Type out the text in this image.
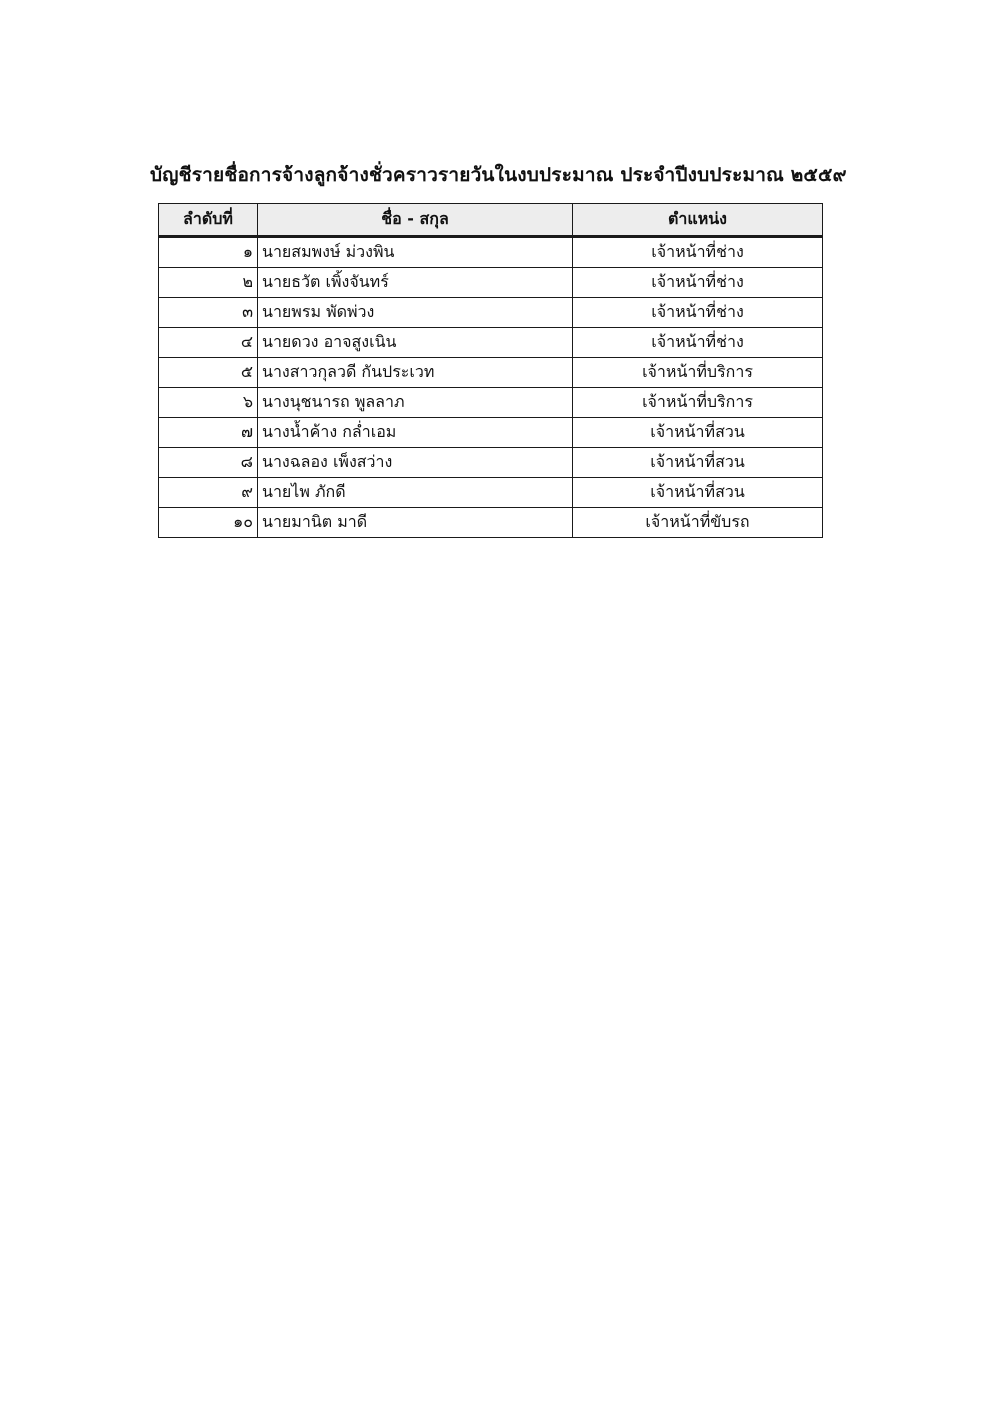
บัญชีรายชื่อการจ้างลูกจ้างชั่วคราวรายวันในงบประมาณ ประจำปีงบประมาณ ๒๕๕๙
ลำดับที่	ชื่อ - สกุล	ตำแหน่ง
๑	นายสมพงษ์ ม่วงพิน	เจ้าหน้าที่ช่าง
๒	นายธวัต เพิ้งจันทร์	เจ้าหน้าที่ช่าง
๓	นายพรม พัดพ่วง	เจ้าหน้าที่ช่าง
๔	นายดวง อาจสูงเนิน	เจ้าหน้าที่ช่าง
๕	นางสาวกุลวดี กันประเวท	เจ้าหน้าที่บริการ
๖	นางนุชนารถ พูลลาภ	เจ้าหน้าที่บริการ
๗	นางน้ำค้าง กล่ำเอม	เจ้าหน้าที่สวน
๘	นางฉลอง เพ็งสว่าง	เจ้าหน้าที่สวน
๙	นายไพ ภักดี	เจ้าหน้าที่สวน
๑๐	นายมานิต มาดี	เจ้าหน้าที่ขับรถ
